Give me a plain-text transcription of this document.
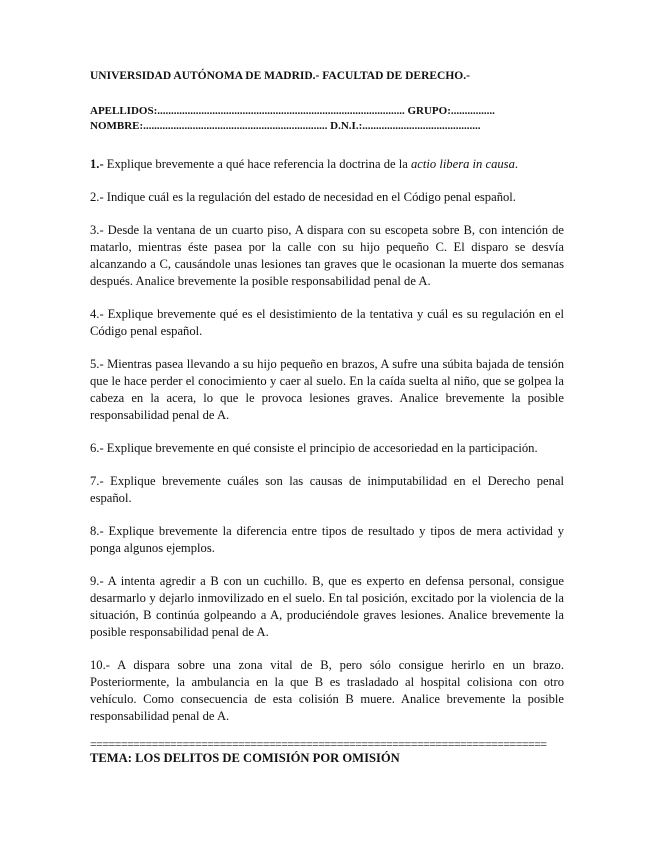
UNIVERSIDAD AUTÓNOMA DE MADRID.- FACULTAD DE DERECHO.-
APELLIDOS:.......................................................................................... GRUPO:................
NOMBRE:................................................................... D.N.I.:...........................................

1.- Explique brevemente a qué hace referencia la doctrina de la actio libera in causa.

2.- Indique cuál es la regulación del estado de necesidad en el Código penal español.

3.- Desde la ventana de un cuarto piso, A dispara con su escopeta sobre B, con intención de matarlo, mientras éste pasea por la calle con su hijo pequeño C. El disparo se desvía alcanzando a C, causándole unas lesiones tan graves que le ocasionan la muerte dos semanas después. Analice brevemente la posible responsabilidad penal de A.

4.- Explique brevemente qué es el desistimiento de la tentativa y cuál es su regulación en el Código penal español.

5.- Mientras pasea llevando a su hijo pequeño en brazos, A sufre una súbita bajada de tensión que le hace perder el conocimiento y caer al suelo. En la caída suelta al niño, que se golpea la cabeza en la acera, lo que le provoca lesiones graves. Analice brevemente la posible responsabilidad penal de A.

6.- Explique brevemente en qué consiste el principio de accesoriedad en la participación.

7.- Explique brevemente cuáles son las causas de inimputabilidad en el Derecho penal español.

8.- Explique brevemente la diferencia entre tipos de resultado y tipos de mera actividad y ponga algunos ejemplos.

9.- A intenta agredir a B con un cuchillo. B, que es experto en defensa personal, consigue desarmarlo y dejarlo inmovilizado en el suelo. En tal posición, excitado por la violencia de la situación, B continúa golpeando a A, produciéndole graves lesiones. Analice brevemente la posible responsabilidad penal de A.

10.- A dispara sobre una zona vital de B, pero sólo consigue herirlo en un brazo. Posteriormente, la ambulancia en la que B es trasladado al hospital colisiona con otro vehículo. Como consecuencia de esta colisión B muere. Analice brevemente la posible responsabilidad penal de A.

==========================================================================
TEMA: LOS DELITOS DE COMISIÓN POR OMISIÓN
